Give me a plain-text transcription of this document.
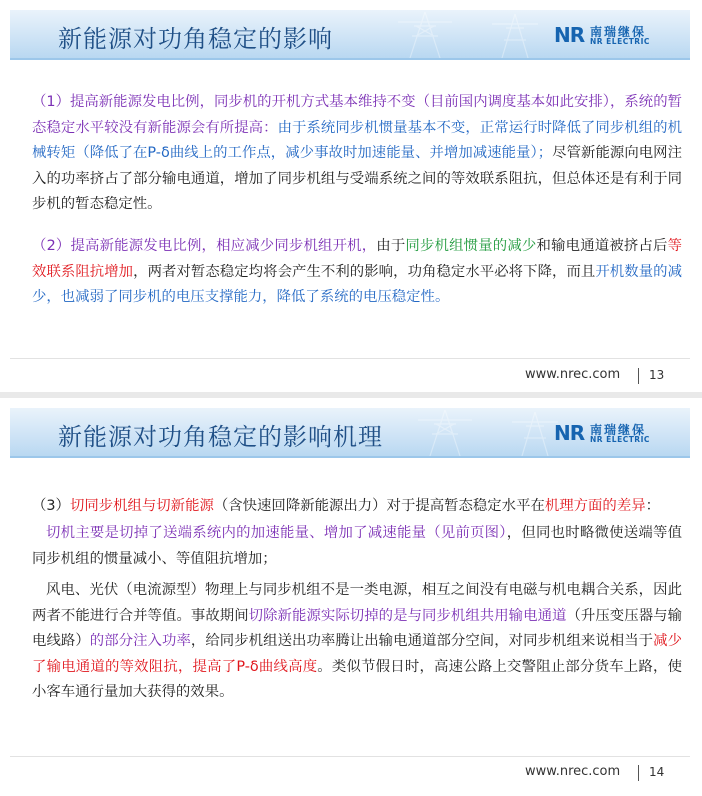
新能源对功角稳定的影响	NR 南瑞继保
NR ELECTRIC

（1）提高新能源发电比例，同步机的开机方式基本维持不变（目前国内调度基本如此安排），系统的暂态稳定水平较没有新能源会有所提高：由于系统同步机惯量基本不变，正常运行时降低了同步机组的机械转矩（降低了在P-δ曲线上的工作点，减少事故时加速能量、并增加减速能量）；尽管新能源向电网注入的功率挤占了部分输电通道，增加了同步机组与受端系统之间的等效联系阻抗，但总体还是有利于同步机的暂态稳定性。

（2）提高新能源发电比例，相应减少同步机组开机，由于同步机组惯量的减少和输电通道被挤占后等效联系阻抗增加，两者对暂态稳定均将会产生不利的影响，功角稳定水平必将下降，而且开机数量的减少，也减弱了同步机的电压支撑能力，降低了系统的电压稳定性。

www.nrec.com 13
新能源对功角稳定的影响机理	NR 南瑞继保
NR ELECTRIC

（3）切同步机组与切新能源（含快速回降新能源出力）对于提高暂态稳定水平在机理方面的差异：

切机主要是切掉了送端系统内的加速能量、增加了减速能量（见前页图），但同也时略微使送端等值同步机组的惯量减小、等值阻抗增加；

风电、光伏（电流源型）物理上与同步机组不是一类电源，相互之间没有电磁与机电耦合关系，因此两者不能进行合并等值。事故期间切除新能源实际切掉的是与同步机组共用输电通道（升压变压器与输电线路）的部分注入功率，给同步机组送出功率腾让出输电通道部分空间，对同步机组来说相当于减少了输电通道的等效阻抗，提高了P-δ曲线高度。类似节假日时，高速公路上交警阻止部分货车上路，使小客车通行量加大获得的效果。

www.nrec.com 14
